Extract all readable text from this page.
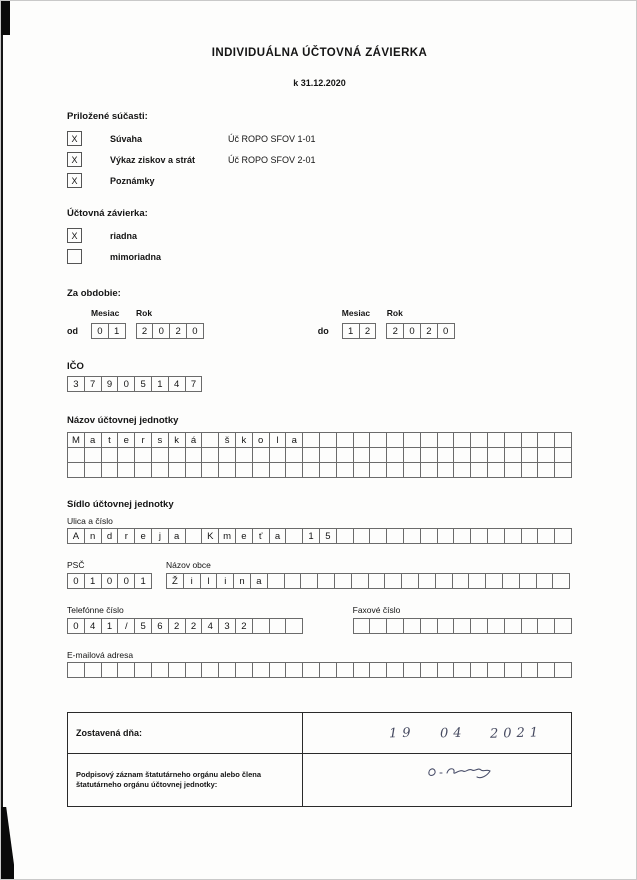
INDIVIDUÁLNA ÚČTOVNÁ ZÁVIERKA
k 31.12.2020
Priložené súčasti:
X	Súvaha	Úč ROPO SFOV 1-01
X	Výkaz ziskov a strát	Úč ROPO SFOV 2-01
X	Poznámky
Účtovná závierka:
X	riadna
mimoriadna
Za obdobie:
Mesiac	Rok
od	0	1	2	0	2	0
Mesiac	Rok
do	1	2	2	0	2	0
IČO
3	7	9	0	5	1	4	7
Názov účtovnej jednotky
M	a	t	e	r	s	k	á	š	k	o	l	a
Sídlo účtovnej jednotky
Ulica a číslo
A	n	d	r	e	j	a	K	m	e	ť	a	1	5
PSČ
0	1	0	0	1
Názov obce
Ž	i	l	i	n	a
Telefónne číslo
0	4	1	/	5	6	2	2	4	3	2
Faxové číslo
E-mailová adresa
Zostavená dňa:	19 04 2021
Podpisový záznam štatutárneho orgánu alebo člena štatutárneho orgánu účtovnej jednotky:
